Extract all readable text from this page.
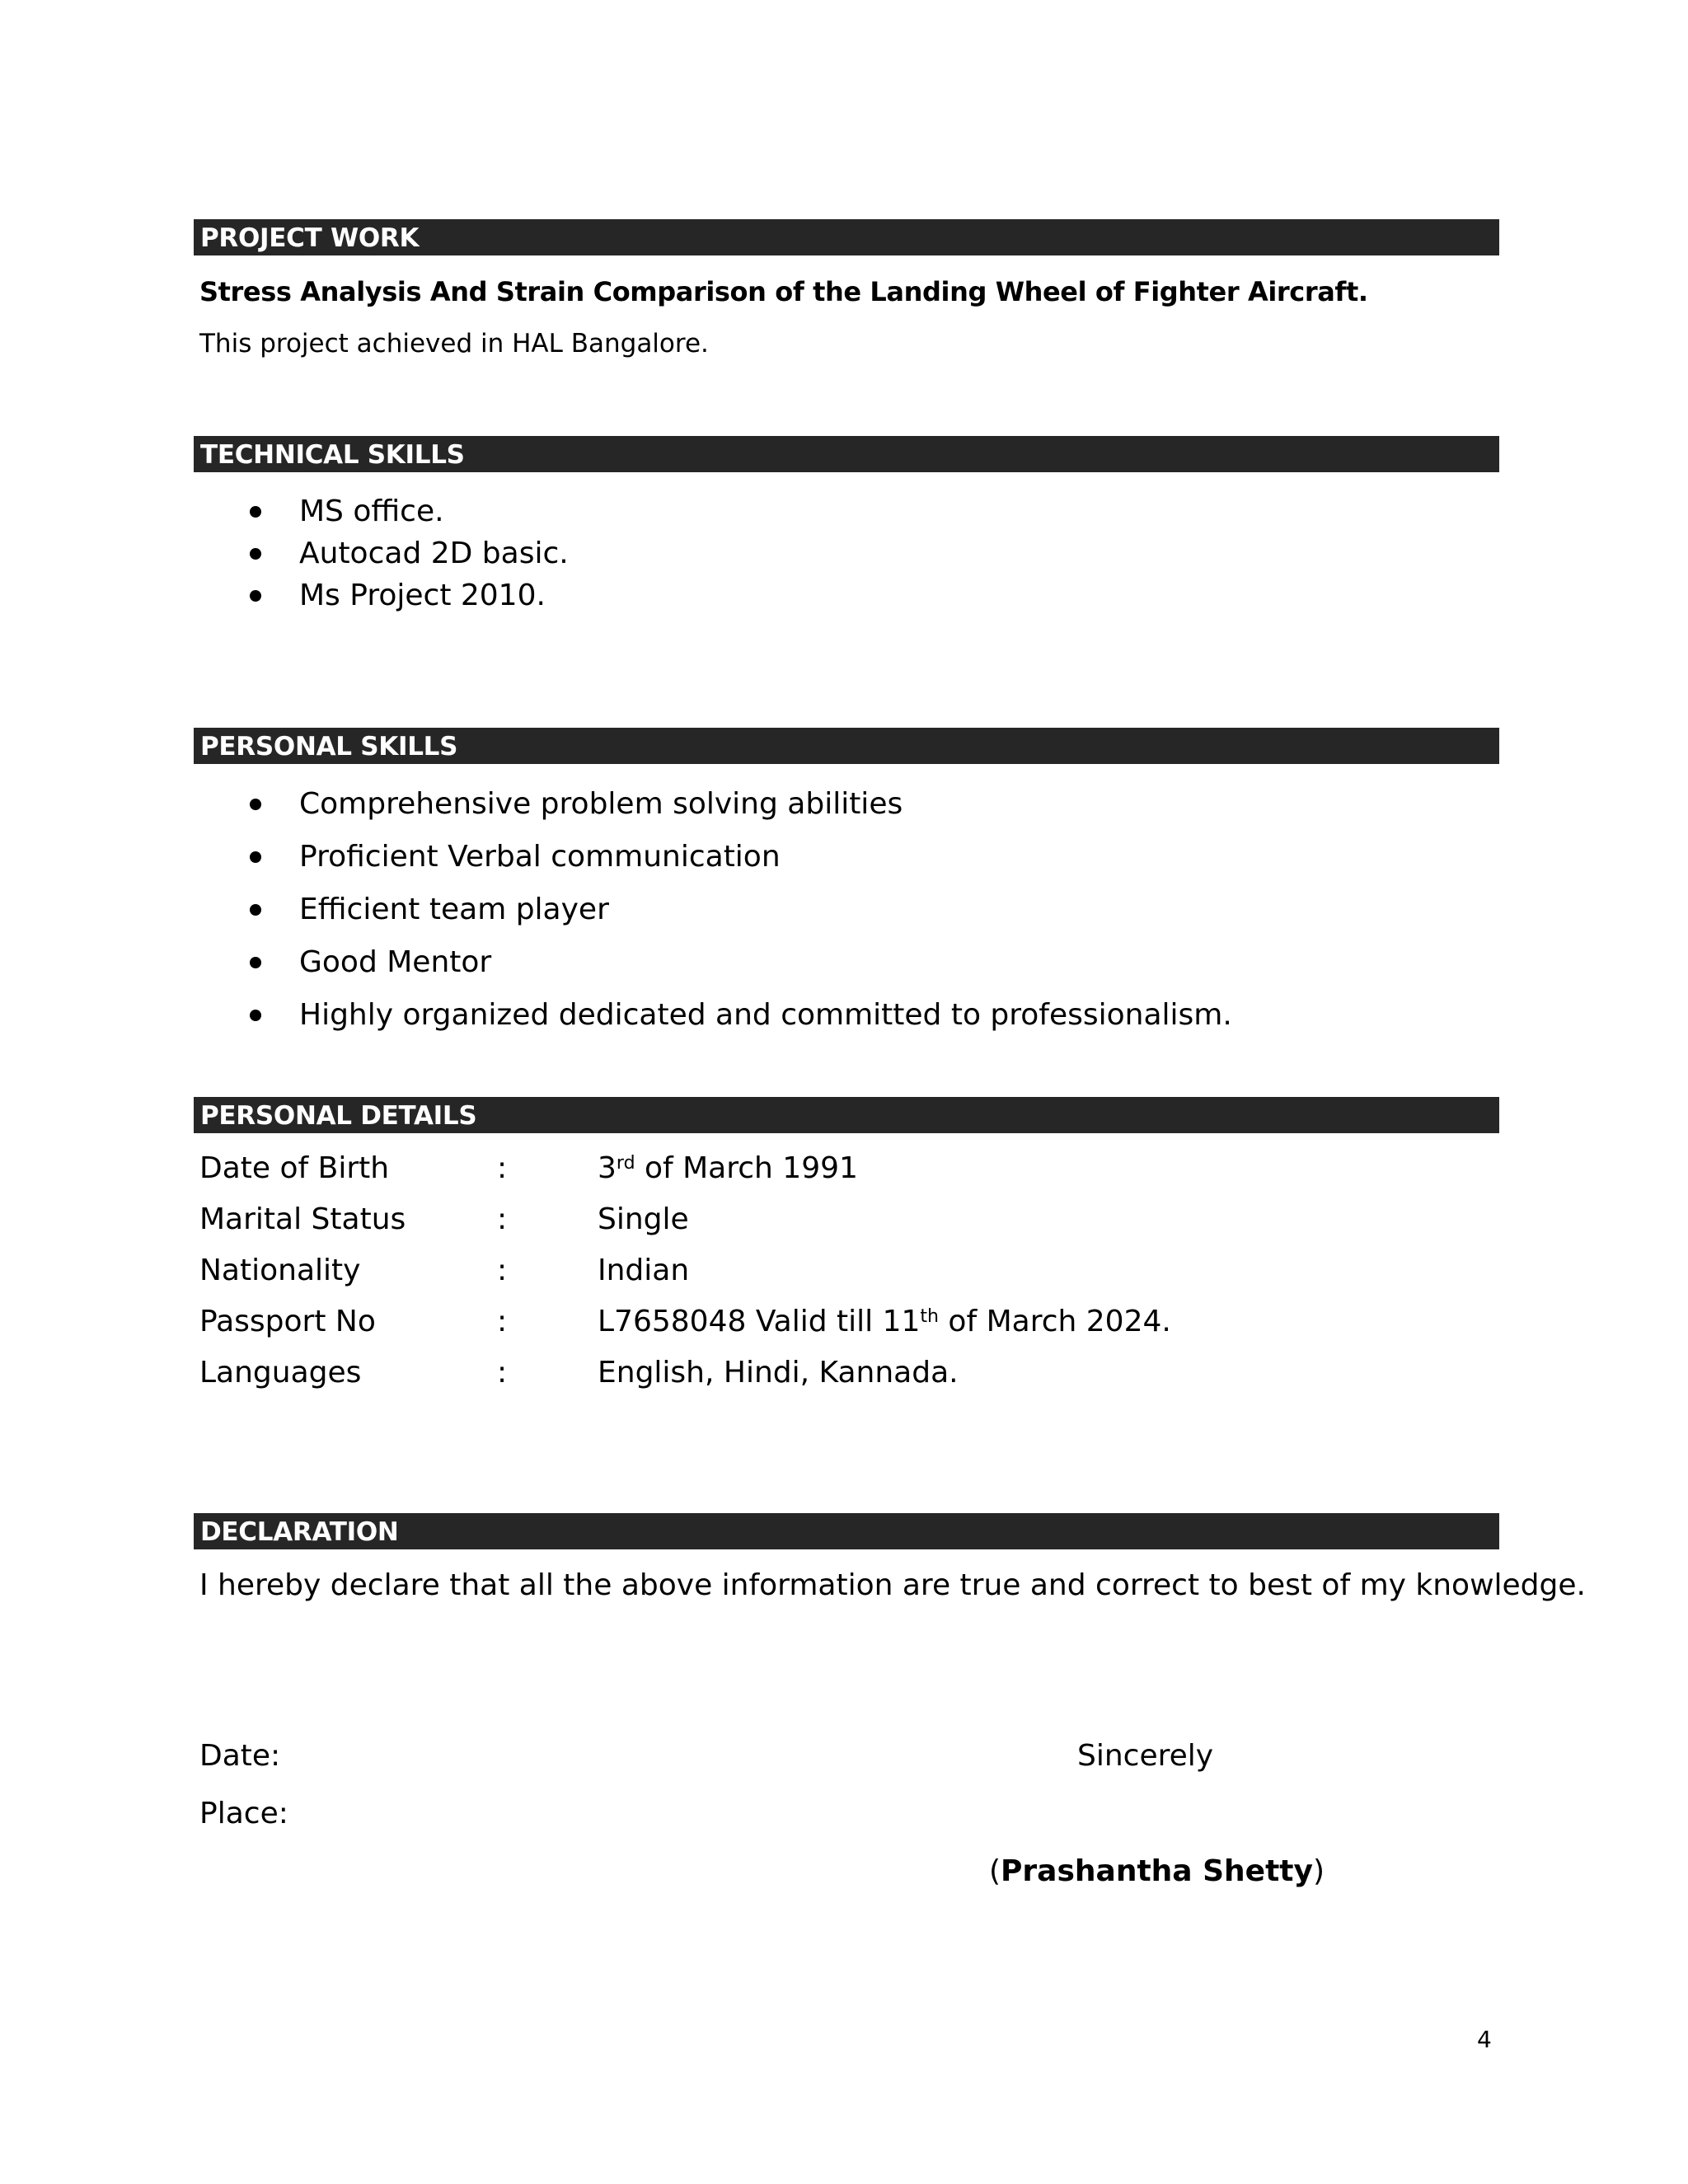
PROJECT WORK
Stress Analysis And Strain Comparison of the Landing Wheel of Fighter Aircraft.
This project achieved in HAL Bangalore.
TECHNICAL SKILLS
MS office.
Autocad 2D basic.
Ms Project 2010.
PERSONAL SKILLS
Comprehensive problem solving abilities
Proficient Verbal communication
Efficient team player
Good Mentor
Highly organized dedicated and committed to professionalism.
PERSONAL DETAILS
Date of Birth	:	3rd of March 1991
Marital Status	:	Single
Nationality	:	Indian
Passport No	:	L7658048 Valid till 11th of March 2024.
Languages	:	English, Hindi, Kannada.
DECLARATION
I hereby declare that all the above information are true and correct to best of my knowledge.
Date:
Place:
Sincerely
(Prashantha Shetty)
4
